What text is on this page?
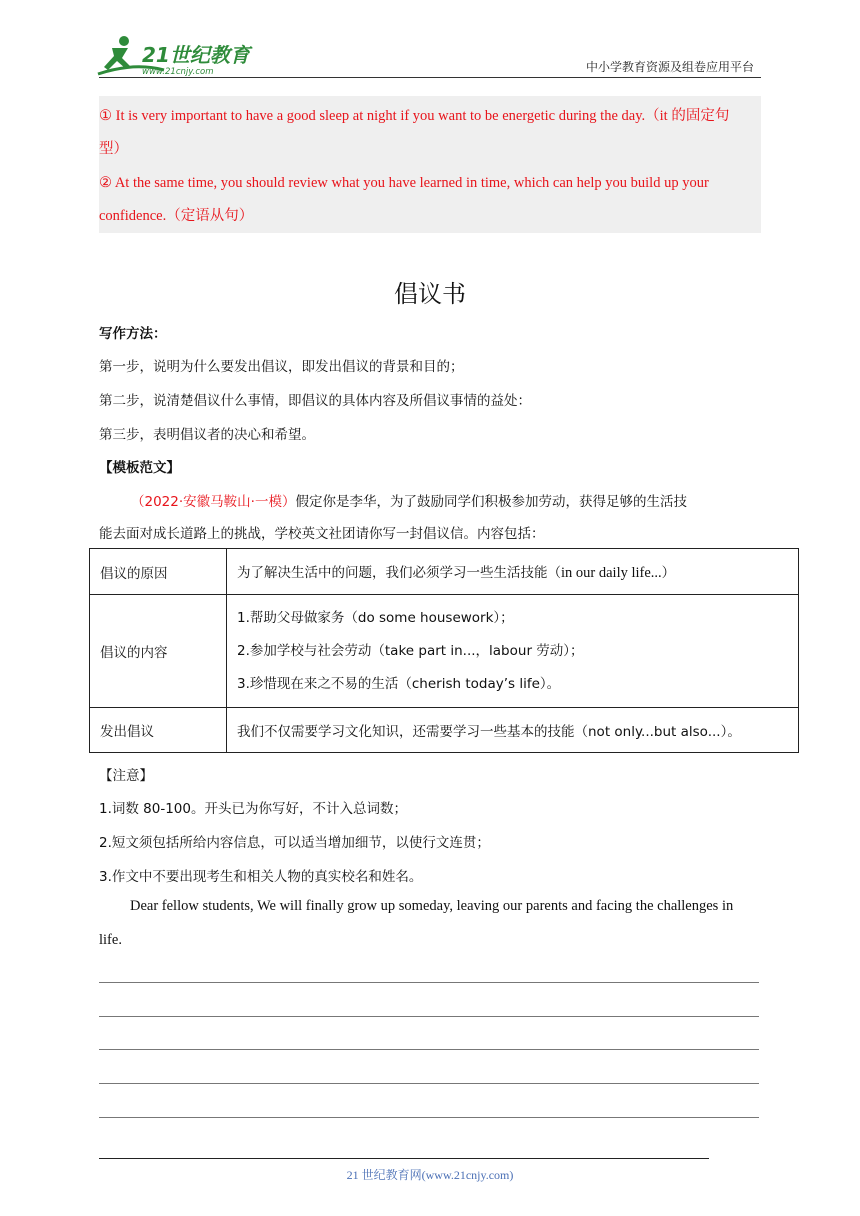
21世纪教育
www.21cnjy.com	中小学教育资源及组卷应用平台
① It is very important to have a good sleep at night if you want to be energetic during the day.（it 的固定句
型）
② At the same time, you should review what you have learned in time, which can help you build up your
confidence.（定语从句）
倡议书
写作方法：
第一步，说明为什么要发出倡议，即发出倡议的背景和目的；
第二步，说清楚倡议什么事情，即倡议的具体内容及所倡议事情的益处：
第三步，表明倡议者的决心和希望。
【模板范文】
（2022·安徽马鞍山·一模）假定你是李华，为了鼓励同学们积极参加劳动，获得足够的生活技
能去面对成长道路上的挑战，学校英文社团请你写一封倡议信。内容包括：
倡议的原因	为了解决生活中的问题，我们必须学习一些生活技能（in our daily life...）
倡议的内容	1.帮助父母做家务（do some housework）；
2.参加学校与社会劳动（take part in...，labour 劳动）；
3.珍惜现在来之不易的生活（cherish today’s life）。

发出倡议	我们不仅需要学习文化知识，还需要学习一些基本的技能（not only...but also...）。
【注意】
1.词数 80-100。开头已为你写好，不计入总词数；
2.短文须包括所给内容信息，可以适当增加细节，以使行文连贯；
3.作文中不要出现考生和相关人物的真实校名和姓名。
Dear fellow students, We will finally grow up someday, leaving our parents and facing the challenges in
life.
21 世纪教育网(www.21cnjy.com)
